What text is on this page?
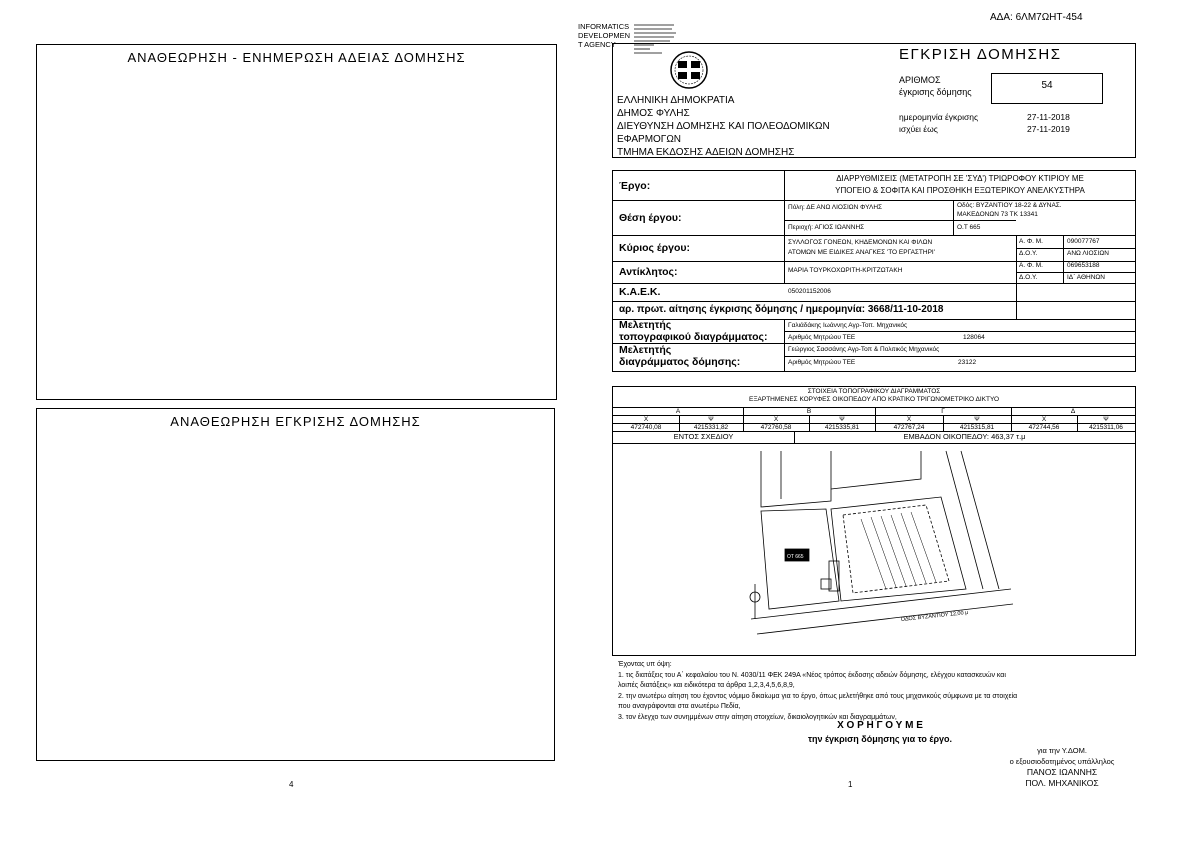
ΑΔΑ: 6ΛΜ7ΩΗΤ-454
ΑΝΑΘΕΩΡΗΣΗ - ΕΝΗΜΕΡΩΣΗ ΑΔΕΙΑΣ ΔΟΜΗΣΗΣ
ΑΝΑΘΕΩΡΗΣΗ ΕΓΚΡΙΣΗΣ ΔΟΜΗΣΗΣ
4
INFORMATICS
DEVELOPMEN
T AGENCY
ΕΛΛΗΝΙΚΗ ΔΗΜΟΚΡΑΤΙΑ
ΔΗΜΟΣ ΦΥΛΗΣ
ΔΙΕΥΘΥΝΣΗ ΔΟΜΗΣΗΣ ΚΑΙ ΠΟΛΕΟΔΟΜΙΚΩΝ
ΕΦΑΡΜΟΓΩΝ
ΤΜΗΜΑ ΕΚΔΟΣΗΣ ΑΔΕΙΩΝ ΔΟΜΗΣΗΣ
ΕΓΚΡΙΣΗ ΔΟΜΗΣΗΣ
ΑΡΙΘΜΟΣ
έγκρισης δόμησης
54
ημερομηνία έγκρισης	27-11-2018
ισχύει έως	27-11-2019
Έργο:
ΔΙΑΡΡΥΘΜΙΣΕΙΣ (ΜΕΤΑΤΡΟΠΗ ΣΕ 'ΣΥΔ') ΤΡΙΩΡΟΦΟΥ ΚΤΙΡΙΟΥ ΜΕ
ΥΠΟΓΕΙΟ & ΣΟΦΙΤΑ ΚΑΙ ΠΡΟΣΘΗΚΗ ΕΞΩΤΕΡΙΚΟΥ ΑΝΕΛΚΥΣΤΗΡΑ
Θέση έργου:
Πόλη: ΔΕ ΑΝΩ ΛΙΟΣΙΩΝ ΦΥΛΗΣ	Οδός: ΒΥΖΑΝΤΙΟΥ 18-22 & ΔΥΝΑΣ.
ΜΑΚΕΔΟΝΩΝ 73 ΤΚ 13341
Περιοχή: ΑΓΙΟΣ ΙΩΑΝΝΗΣ	Ο.Τ 665
Κύριος έργου:	ΣΥΛΛΟΓΟΣ ΓΟΝΕΩΝ, ΚΗΔΕΜΟΝΩΝ ΚΑΙ ΦΙΛΩΝ
ΑΤΟΜΩΝ ΜΕ ΕΙΔΙΚΕΣ ΑΝΑΓΚΕΣ 'ΤΟ ΕΡΓΑΣΤΗΡΙ'
Α. Φ. Μ.	090077767
Δ.Ο.Υ.	ΑΝΩ ΛΙΟΣΙΩΝ
Αντίκλητος:	ΜΑΡΙΑ ΤΟΥΡΚΟΧΩΡΙΤΗ-ΚΡΙΤΖΩΤΑΚΗ
Α. Φ. Μ.	069653188
Δ.Ο.Υ.	ΙΔ΄ ΑΘΗΝΩΝ
Κ.Α.Ε.Κ.	050201152006
αρ. πρωτ. αίτησης έγκρισης δόμησης / ημερομηνία: 3668/11-10-2018
Μελετητής
τοπογραφικού διαγράμματος:
Γαλιάδάκης Ιωάννης Αγρ-Τοπ. Μηχανικός
Αριθμός Μητρώου ΤΕΕ	128064
Μελετητής
διαγράμματος δόμησης:
Γεώργιος Σασσάνης Αγρ-Τοπ & Πολιτικός Μηχανικός
Αριθμός Μητρώου ΤΕΕ	23122
ΣΤΟΙΧΕΙΑ ΤΟΠΟΓΡΑΦΙΚΟΥ ΔΙΑΓΡΑΜΜΑΤΟΣ
ΕΞΑΡΤΗΜΕΝΕΣ ΚΟΡΥΦΕΣ ΟΙΚΟΠΕΔΟΥ ΑΠΟ ΚΡΑΤΙΚΟ ΤΡΙΓΩΝΟΜΕΤΡΙΚΟ ΔΙΚΤΥΟ
Α	Β	Γ	Δ
Χ	Ψ	Χ	Ψ	Χ	Ψ	Χ	Ψ
472740,08	4215331,82	472760,58	4215335,81	472767,24	4215315,81	472744,56	4215311,06
ΕΝΤΟΣ ΣΧΕΔΙΟΥ	ΕΜΒΑΔΟΝ ΟΙΚΟΠΕΔΟΥ: 463,37 τ.μ
ΟΤ 665
ΟΔΟΣ ΒΥΖΑΝΤΙΟΥ 12,00 μ
Έχοντας υπ όψη:
1. τις διατάξεις του Α΄ κεφαλαίου του Ν. 4030/11 ΦΕΚ 249Α «Νέος τρόπος έκδοσης αδειών δόμησης, ελέγχου κατασκευών και
λοιπές διατάξεις» και ειδικότερα τα άρθρα 1,2,3,4,5,6,8,9,
2. την ανωτέρω αίτηση του έχοντος νόμιμο δικαίωμα για το έργο, όπως μελετήθηκε από τους μηχανικούς σύμφωνα με τα στοιχεία
που αναγράφονται στα ανωτέρω Πεδία,
3. τον έλεγχο των συνημμένων στην αίτηση στοιχείων, δικαιολογητικών και διαγραμμάτων,
Χ Ο Ρ Η Γ Ο Υ Μ Ε
την έγκριση δόμησης για το έργο.
για την Υ.ΔΟΜ.
ο εξουσιοδοτημένος υπάλληλος
ΠΑΝΟΣ ΙΩΑΝΝΗΣ
ΠΟΛ. ΜΗΧΑΝΙΚΟΣ
1
